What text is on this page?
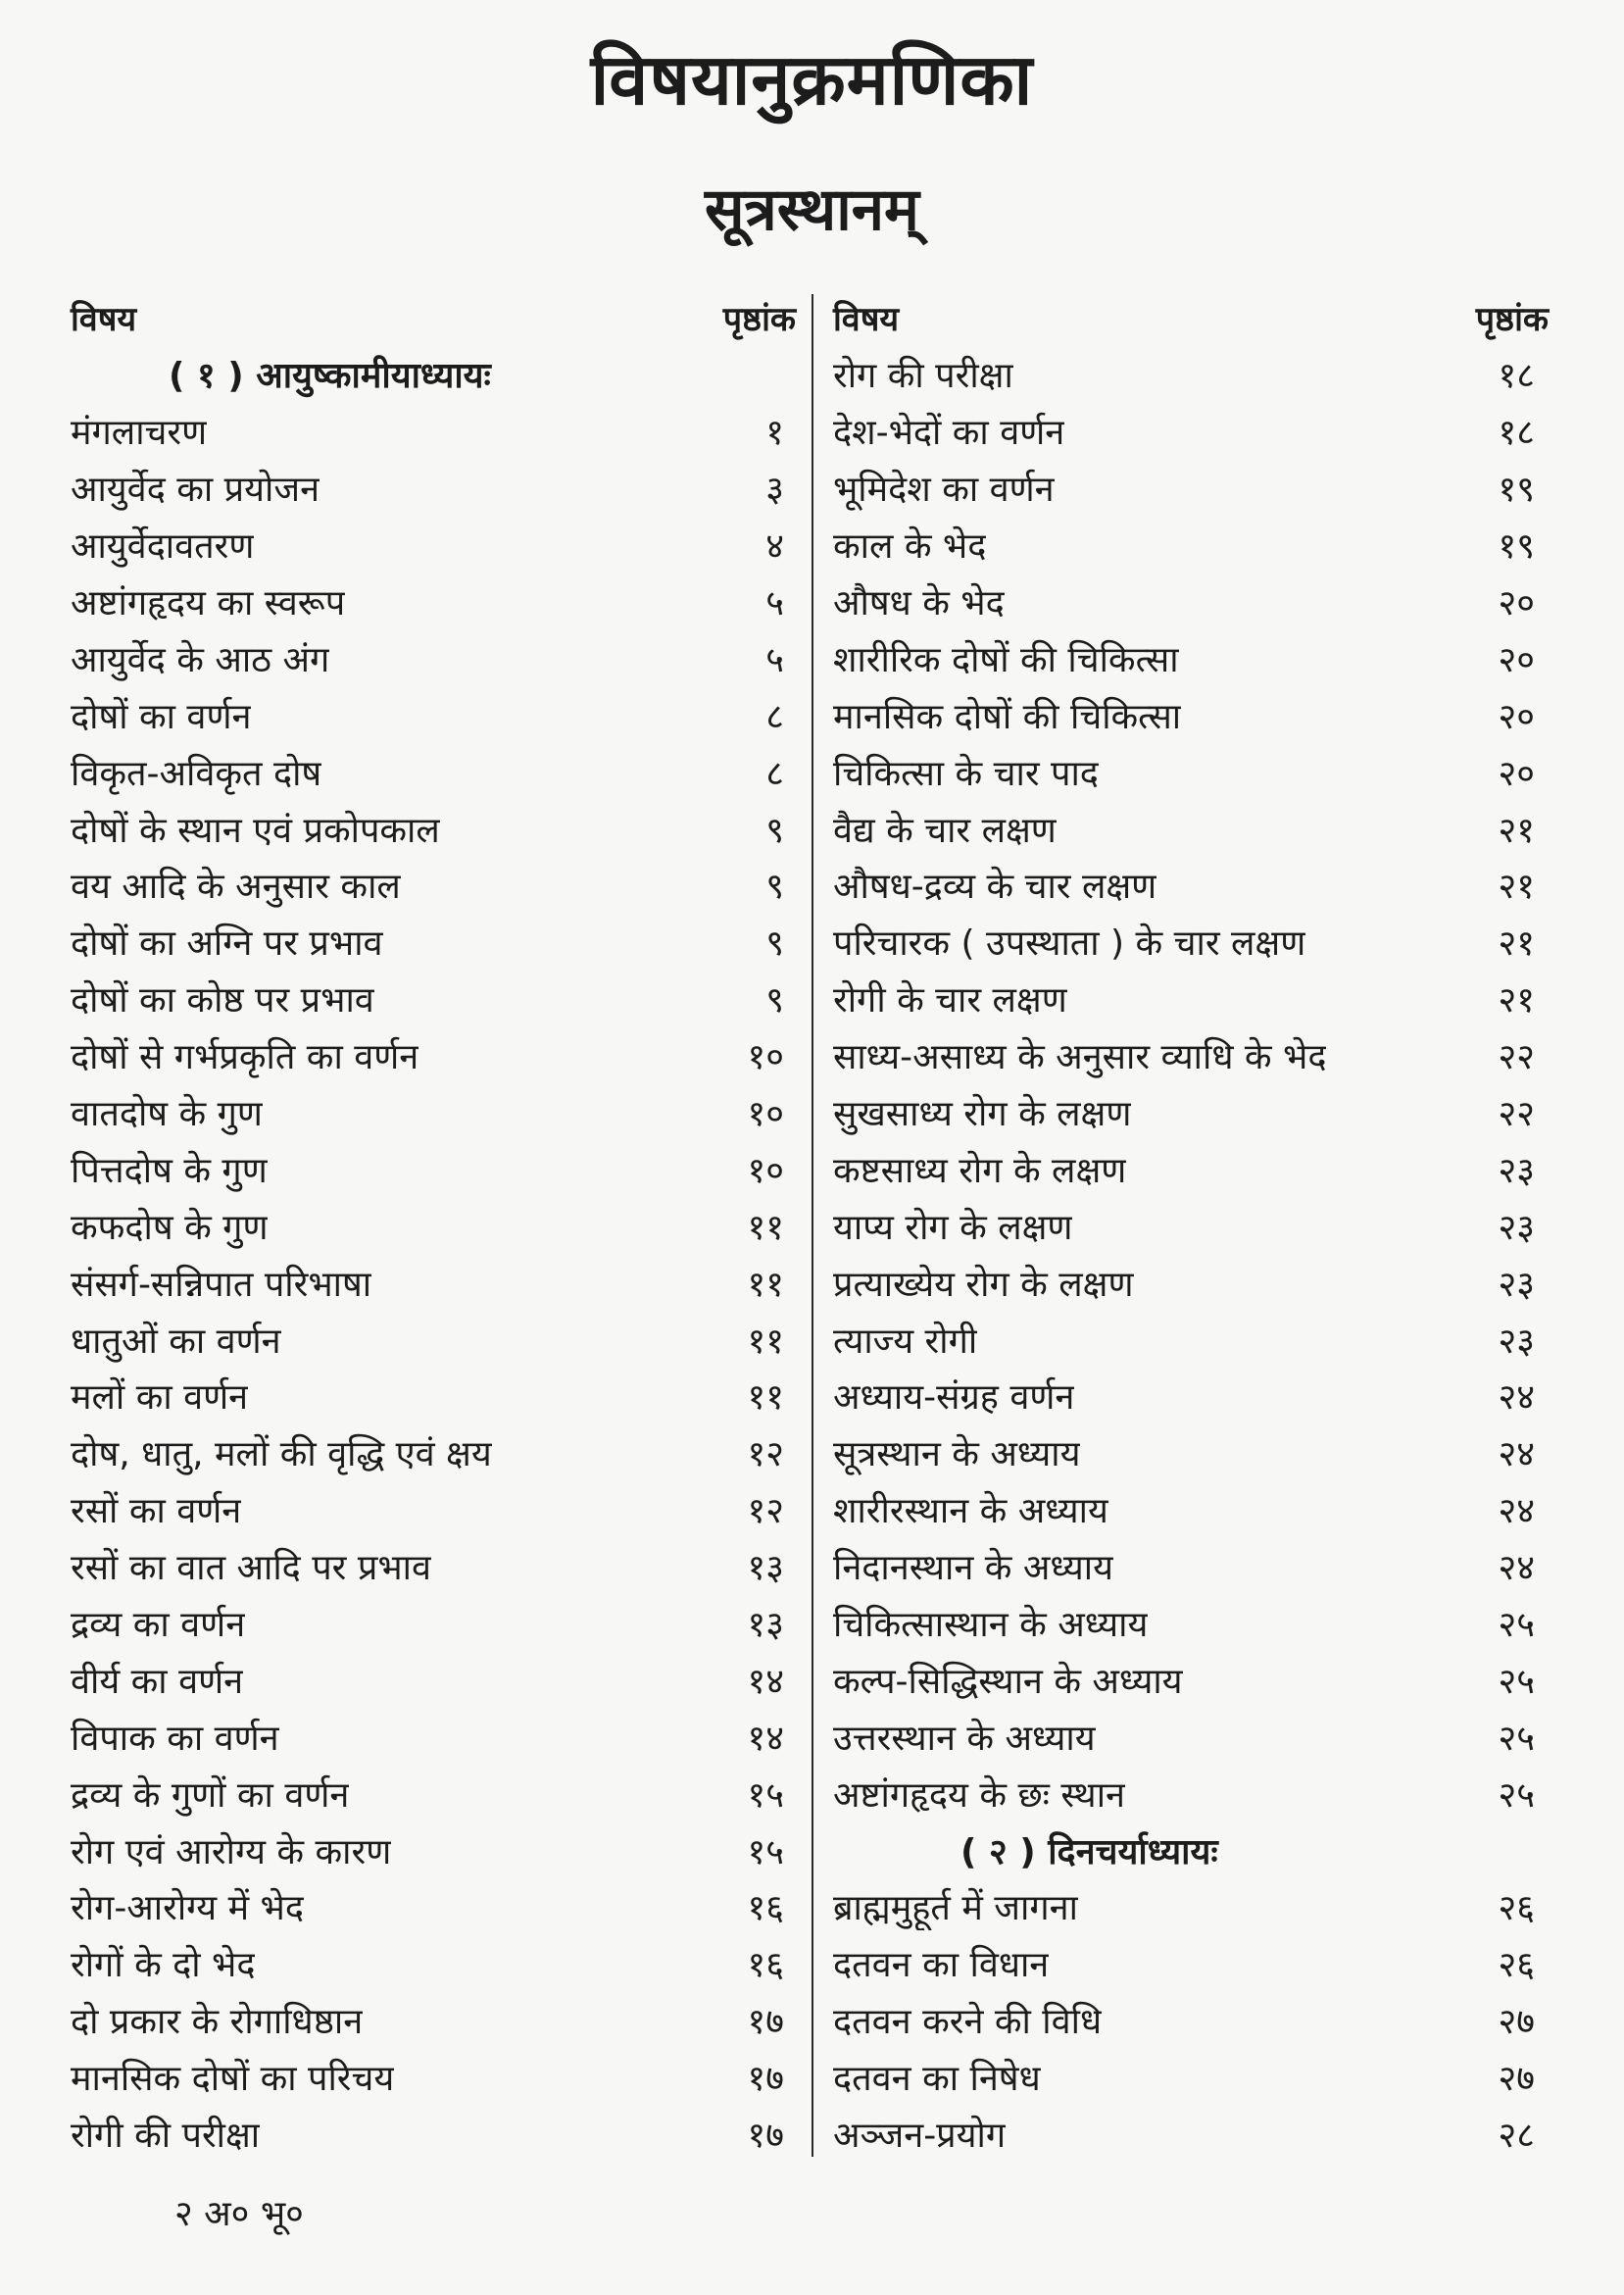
विषयानुक्रमणिका
सूत्रस्थानम्
विषय	पृष्ठांक
( १ ) आयुष्कामीयाध्यायः
मंगलाचरण	१
आयुर्वेद का प्रयोजन	३
आयुर्वेदावतरण	४
अष्टांगहृदय का स्वरूप	५
आयुर्वेद के आठ अंग	५
दोषों का वर्णन	८
विकृत-अविकृत दोष	८
दोषों के स्थान एवं प्रकोपकाल	९
वय आदि के अनुसार काल	९
दोषों का अग्नि पर प्रभाव	९
दोषों का कोष्ठ पर प्रभाव	९
दोषों से गर्भप्रकृति का वर्णन	१०
वातदोष के गुण	१०
पित्तदोष के गुण	१०
कफदोष के गुण	११
संसर्ग-सन्निपात परिभाषा	११
धातुओं का वर्णन	११
मलों का वर्णन	११
दोष, धातु, मलों की वृद्धि एवं क्षय	१२
रसों का वर्णन	१२
रसों का वात आदि पर प्रभाव	१३
द्रव्य का वर्णन	१३
वीर्य का वर्णन	१४
विपाक का वर्णन	१४
द्रव्य के गुणों का वर्णन	१५
रोग एवं आरोग्य के कारण	१५
रोग-आरोग्य में भेद	१६
रोगों के दो भेद	१६
दो प्रकार के रोगाधिष्ठान	१७
मानसिक दोषों का परिचय	१७
रोगी की परीक्षा	१७
विषय	पृष्ठांक
रोग की परीक्षा	१८
देश-भेदों का वर्णन	१८
भूमिदेश का वर्णन	१९
काल के भेद	१९
औषध के भेद	२०
शारीरिक दोषों की चिकित्सा	२०
मानसिक दोषों की चिकित्सा	२०
चिकित्सा के चार पाद	२०
वैद्य के चार लक्षण	२१
औषध-द्रव्य के चार लक्षण	२१
परिचारक ( उपस्थाता ) के चार लक्षण	२१
रोगी के चार लक्षण	२१
साध्य-असाध्य के अनुसार व्याधि के भेद	२२
सुखसाध्य रोग के लक्षण	२२
कष्टसाध्य रोग के लक्षण	२३
याप्य रोग के लक्षण	२३
प्रत्याख्येय रोग के लक्षण	२३
त्याज्य रोगी	२३
अध्याय-संग्रह वर्णन	२४
सूत्रस्थान के अध्याय	२४
शारीरस्थान के अध्याय	२४
निदानस्थान के अध्याय	२४
चिकित्सास्थान के अध्याय	२५
कल्प-सिद्धिस्थान के अध्याय	२५
उत्तरस्थान के अध्याय	२५
अष्टांगहृदय के छः स्थान	२५
( २ ) दिनचर्याध्यायः
ब्राह्ममुहूर्त में जागना	२६
दतवन का विधान	२६
दतवन करने की विधि	२७
दतवन का निषेध	२७
अञ्जन-प्रयोग	२८
२ अ० भू०
